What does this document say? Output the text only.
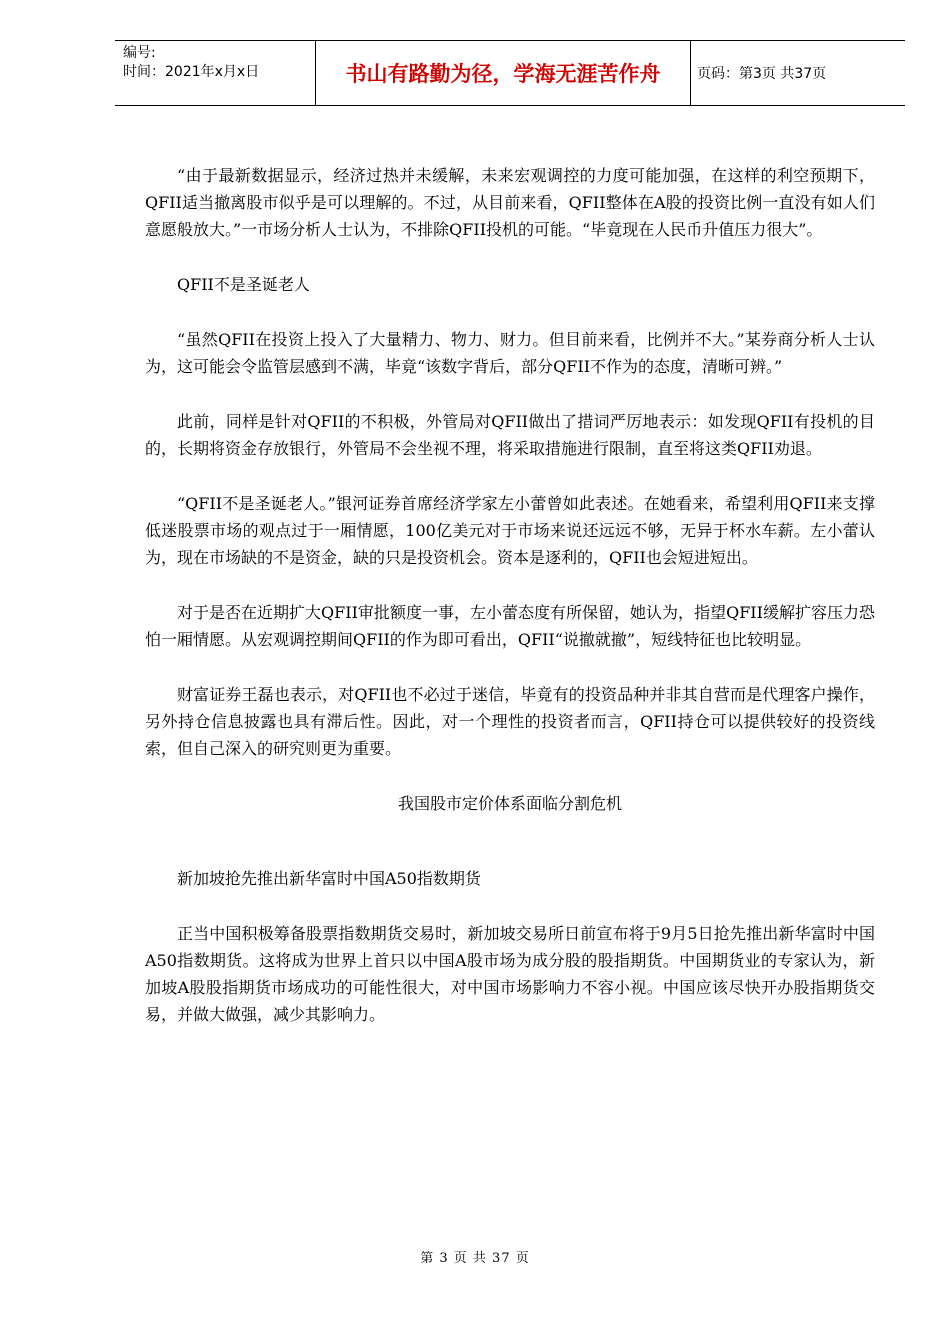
编号:
时间：2021年x月x日	书山有路勤为径，学海无涯苦作舟	页码：第3页 共37页

“由于最新数据显示，经济过热并未缓解，未来宏观调控的力度可能加强，在这样的利空预期下，QFII适当撤离股市似乎是可以理解的。不过，从目前来看，QFII整体在A股的投资比例一直没有如人们意愿般放大。”一市场分析人士认为，不排除QFII投机的可能。“毕竟现在人民币升值压力很大”。

QFII不是圣诞老人

“虽然QFII在投资上投入了大量精力、物力、财力。但目前来看，比例并不大。”某券商分析人士认为，这可能会令监管层感到不满，毕竟“该数字背后，部分QFII不作为的态度，清晰可辨。”

此前，同样是针对QFII的不积极，外管局对QFII做出了措词严厉地表示：如发现QFII有投机的目的，长期将资金存放银行，外管局不会坐视不理，将采取措施进行限制，直至将这类QFII劝退。

“QFII不是圣诞老人。”银河证券首席经济学家左小蕾曾如此表述。在她看来，希望利用QFII来支撑低迷股票市场的观点过于一厢情愿，100亿美元对于市场来说还远远不够，无异于杯水车薪。左小蕾认为，现在市场缺的不是资金，缺的只是投资机会。资本是逐利的，QFII也会短进短出。

对于是否在近期扩大QFII审批额度一事，左小蕾态度有所保留，她认为，指望QFII缓解扩容压力恐怕一厢情愿。从宏观调控期间QFII的作为即可看出，QFII“说撤就撤”，短线特征也比较明显。

财富证券王磊也表示，对QFII也不必过于迷信，毕竟有的投资品种并非其自营而是代理客户操作，另外持仓信息披露也具有滞后性。因此，对一个理性的投资者而言，QFII持仓可以提供较好的投资线索，但自己深入的研究则更为重要。

我国股市定价体系面临分割危机

新加坡抢先推出新华富时中国A50指数期货

正当中国积极筹备股票指数期货交易时，新加坡交易所日前宣布将于9月5日抢先推出新华富时中国A50指数期货。这将成为世界上首只以中国A股市场为成分股的股指期货。中国期货业的专家认为，新加坡A股股指期货市场成功的可能性很大，对中国市场影响力不容小视。中国应该尽快开办股指期货交易，并做大做强，减少其影响力。

第 3 页 共 37 页
